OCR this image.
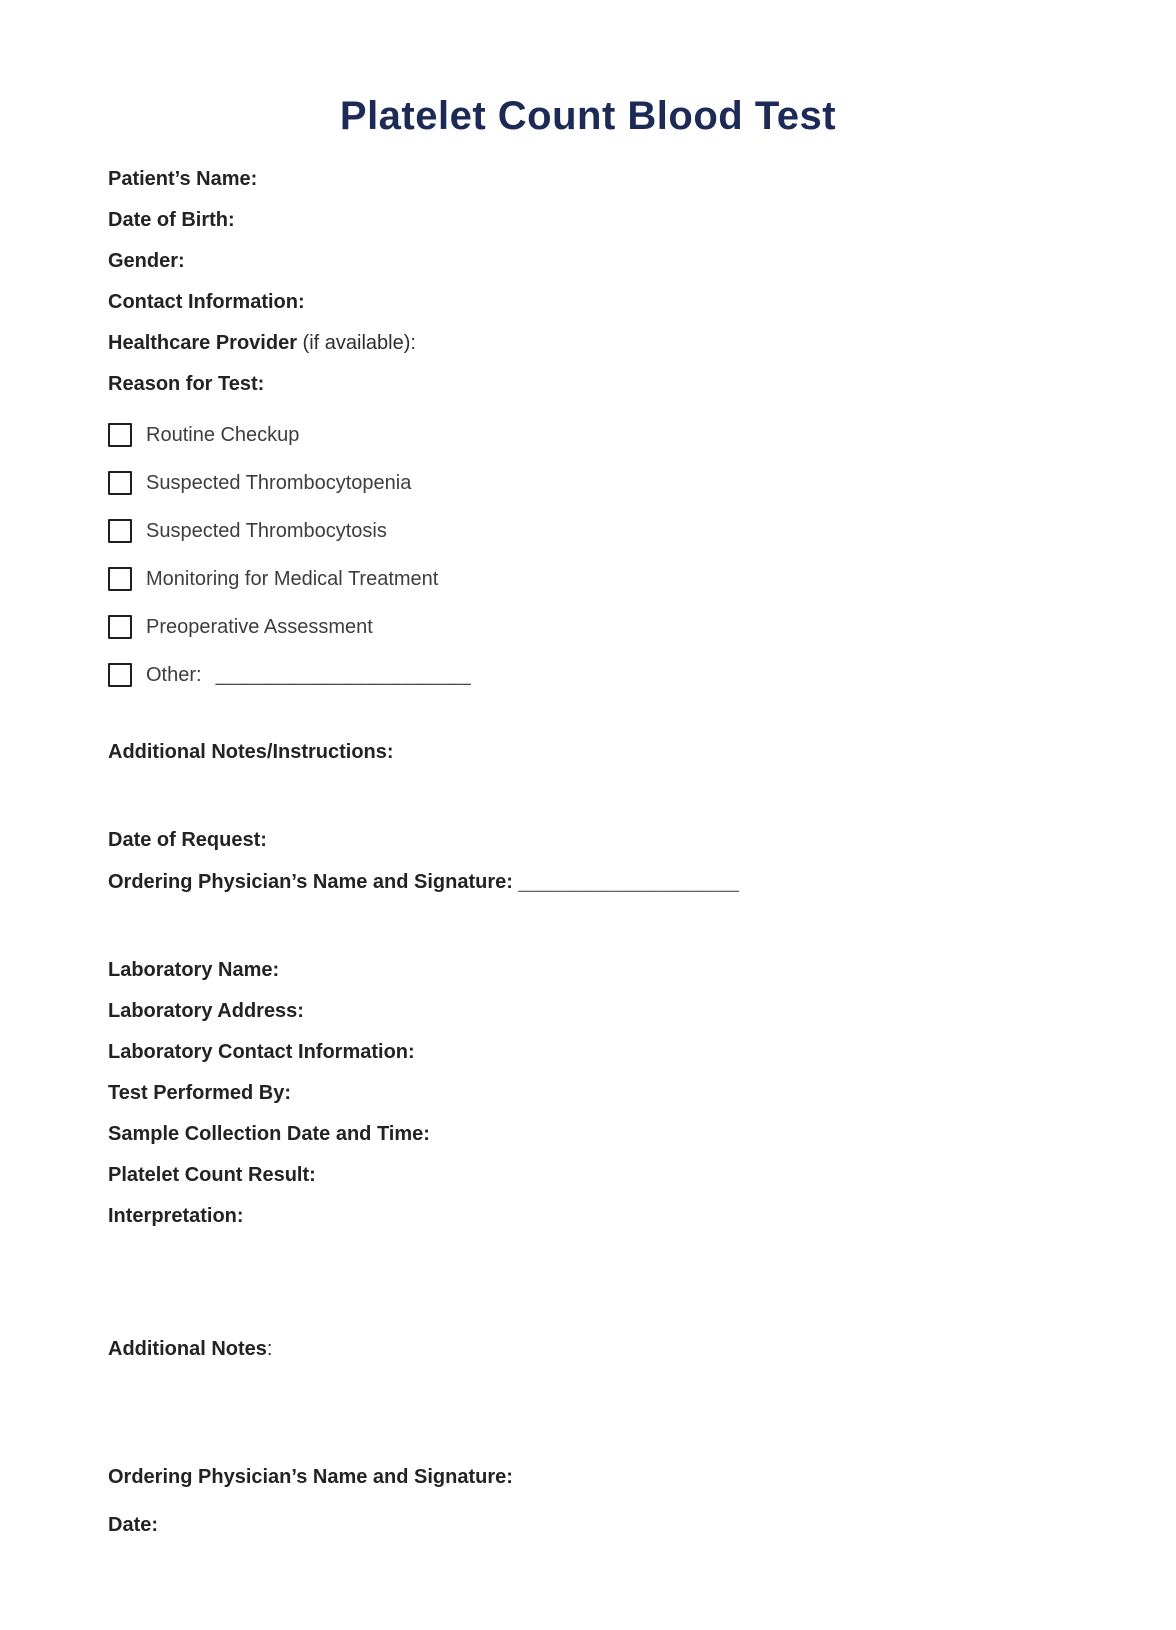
Platelet Count Blood Test
Patient’s Name:
Date of Birth:
Gender:
Contact Information:
Healthcare Provider (if available):
Reason for Test:
Routine Checkup
Suspected Thrombocytopenia
Suspected Thrombocytosis
Monitoring for Medical Treatment
Preoperative Assessment
Other: ______________________
Additional Notes/Instructions:
Date of Request:
Ordering Physician’s Name and Signature: ___________________
Laboratory Name:
Laboratory Address:
Laboratory Contact Information:
Test Performed By:
Sample Collection Date and Time:
Platelet Count Result:
Interpretation:
Additional Notes:
Ordering Physician’s Name and Signature:
Date:
